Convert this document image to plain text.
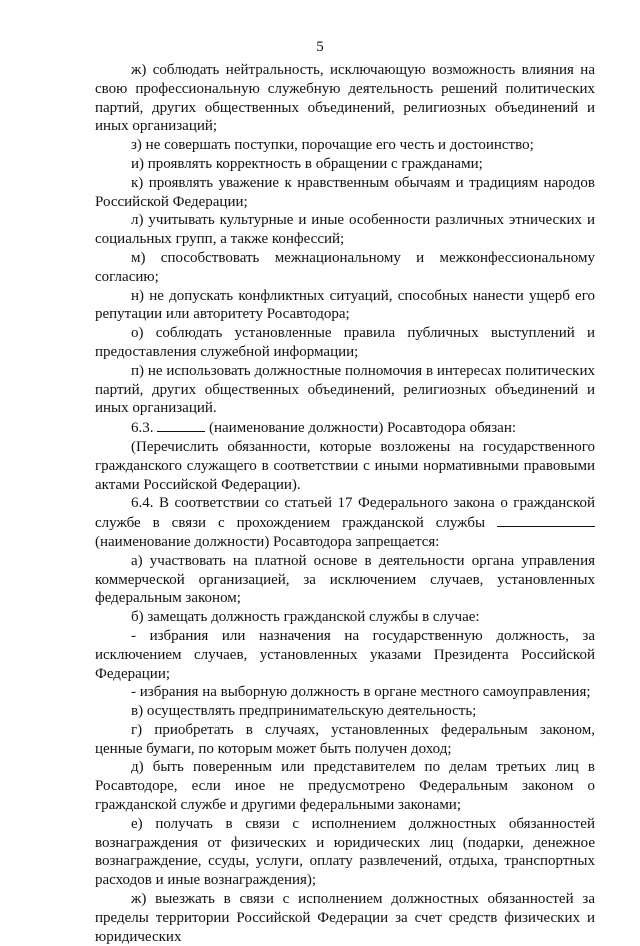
5

ж) соблюдать нейтральность, исключающую возможность влияния на свою профессиональную служебную деятельность решений политических партий, других общественных объединений, религиозных объединений и иных организаций;

з) не совершать поступки, порочащие его честь и достоинство;

и) проявлять корректность в обращении с гражданами;

к) проявлять уважение к нравственным обычаям и традициям народов Российской Федерации;

л) учитывать культурные и иные особенности различных этнических и социальных групп, а также конфессий;

м) способствовать межнациональному и межконфессиональному согласию;

н) не допускать конфликтных ситуаций, способных нанести ущерб его репутации или авторитету Росавтодора;

о) соблюдать установленные правила публичных выступлений и предоставления служебной информации;

п) не использовать должностные полномочия в интересах политических партий, других общественных объединений, религиозных объединений и иных организаций.

6.3.	(наименование должности) Росавтодора обязан:

(Перечислить обязанности, которые возложены на государственного гражданского служащего в соответствии с иными нормативными правовыми актами Российской Федерации).

6.4. В соответствии со статьей 17 Федерального закона о гражданской службе в связи с прохождением гражданской службы  (наименование должности) Росавтодора запрещается:

а) участвовать на платной основе в деятельности органа управления коммерческой организацией, за исключением случаев, установленных федеральным законом;

б) замещать должность гражданской службы в случае:

- избрания или назначения на государственную должность, за исключением случаев, установленных указами Президента Российской Федерации;

- избрания на выборную должность в органе местного самоуправления;

в) осуществлять предпринимательскую деятельность;

г) приобретать в случаях, установленных федеральным законом, ценные бумаги, по которым может быть получен доход;

д) быть поверенным или представителем по делам третьих лиц в Росавтодоре, если иное не предусмотрено Федеральным законом о гражданской службе и другими федеральными законами;

е) получать в связи с исполнением должностных обязанностей вознаграждения от физических и юридических лиц (подарки, денежное вознаграждение, ссуды, услуги, оплату развлечений, отдыха, транспортных расходов и иные вознаграждения);

ж) выезжать в связи с исполнением должностных обязанностей за пределы территории Российской Федерации за счет средств физических и юридических
